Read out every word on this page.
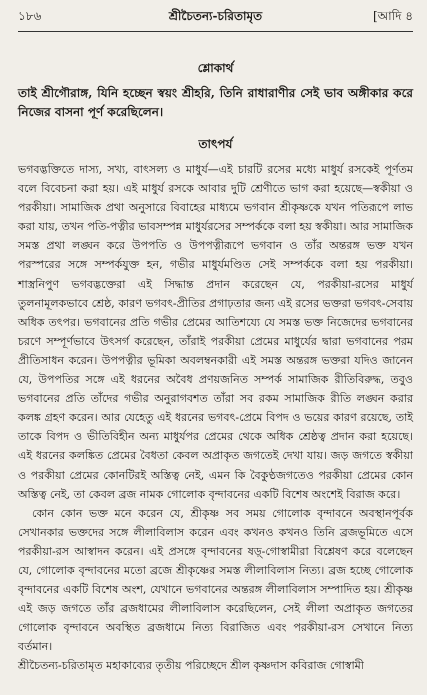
১৮৬	শ্রীচৈতন্য-চরিতামৃত	[আদি ৪
শ্লোকার্থ

তাই শ্রীগৌরাঙ্গ, যিনি হচ্ছেন স্বয়ং শ্রীহরি, তিনি রাধারাণীর সেই ভাব অঙ্গীকার করে নিজের বাসনা পূর্ণ করেছিলেন।

তাৎপর্য

ভগবদ্ভক্তিতে দাস্য, সখ্য, বাৎসল্য ও মাধুর্য—এই চারটি রসের মধ্যে মাধুর্য রসকেই পূর্ণতম বলে বিবেচনা করা হয়। এই মাধুর্য রসকে আবার দুটি শ্রেণীতে ভাগ করা হয়েছে—স্বকীয়া ও পরকীয়া। সামাজিক প্রথা অনুসারে বিবাহের মাধ্যমে ভগবান শ্রীকৃষ্ণকে যখন পতিরূপে লাভ করা যায়, তখন পতি-পত্নীর ভাবসম্পন্ন মাধুর্যরসের সম্পর্ককে বলা হয় স্বকীয়া। আর সামাজিক সমস্ত প্রথা লঙ্ঘন করে উপপতি ও উপপত্নীরূপে ভগবান ও তাঁর অন্তরঙ্গ ভক্ত যখন পরস্পরের সঙ্গে সম্পর্কযুক্ত হন, গভীর মাধুর্যমণ্ডিত সেই সম্পর্ককে বলা হয় পরকীয়া। শাস্ত্রনিপুণ ভগবদ্ভক্তেরা এই সিদ্ধান্ত প্রদান করেছেন যে, পরকীয়া-রসের মাধুর্য তুলনামূলকভাবে শ্রেষ্ঠ, কারণ ভগবৎ-প্রীতির প্রগাঢ়তার জন্য এই রসের ভক্তরা ভগবৎ-সেবায় অধিক তৎপর। ভগবানের প্রতি গভীর প্রেমের আতিশয্যে যে সমস্ত ভক্ত নিজেদের ভগবানের চরণে সম্পূর্ণভাবে উৎসর্গ করেছেন, তাঁরাই পরকীয়া প্রেমের মাধুর্যের দ্বারা ভগবানের পরম প্রীতিসাধন করেন। উপপত্নীর ভূমিকা অবলম্বনকারী এই সমস্ত অন্তরঙ্গ ভক্তরা যদিও জানেন যে, উপপতির সঙ্গে এই ধরনের অবৈধ প্রণয়জনিত সম্পর্ক সামাজিক রীতিবিরুদ্ধ, তবুও ভগবানের প্রতি তাঁদের গভীর অনুরাগবশত তাঁরা সব রকম সামাজিক রীতি লঙ্ঘন করার কলঙ্ক গ্রহণ করেন। আর যেহেতু এই ধরনের ভগবৎ-প্রেমে বিপদ ও ভয়ের কারণ রয়েছে, তাই তাকে বিপদ ও ভীতিবিহীন অন্য মাধুর্যপর প্রেমের থেকে অধিক শ্রেষ্ঠত্ব প্রদান করা হয়েছে। এই ধরনের কলঙ্কিত প্রেমের বৈধতা কেবল অপ্রাকৃত জগতেই দেখা যায়। জড় জগতে স্বকীয়া ও পরকীয়া প্রেমের কোনটিরই অস্তিত্ব নেই, এমন কি বৈকুণ্ঠজগতেও পরকীয়া প্রেমের কোন অস্তিত্ব নেই, তা কেবল ব্রজ নামক গোলোক বৃন্দাবনের একটি বিশেষ অংশেই বিরাজ করে।

কোন কোন ভক্ত মনে করেন যে, শ্রীকৃষ্ণ সব সময় গোলোক বৃন্দাবনে অবস্থানপূর্বক সেখানকার ভক্তদের সঙ্গে লীলাবিলাস করেন এবং কখনও কখনও তিনি ব্রজভূমিতে এসে পরকীয়া-রস আস্বাদন করেন। এই প্রসঙ্গে বৃন্দাবনের ষড়্-গোস্বামীরা বিশ্লেষণ করে বলেছেন যে, গোলোক বৃন্দাবনের মতো ব্রজে শ্রীকৃষ্ণের সমস্ত লীলাবিলাস নিত্য। ব্রজ হচ্ছে গোলোক বৃন্দাবনের একটি বিশেষ অংশ, যেখানে ভগবানের অন্তরঙ্গ লীলাবিলাস সম্পাদিত হয়। শ্রীকৃষ্ণ এই জড় জগতে তাঁর ব্রজধামের লীলাবিলাস করেছিলেন, সেই লীলা অপ্রাকৃত জগতের গোলোক বৃন্দাবনে অবস্থিত ব্রজধামে নিত্য বিরাজিত এবং পরকীয়া-রস সেখানে নিত্য বর্তমান।

শ্রীচৈতন্য-চরিতামৃত মহাকাব্যের তৃতীয় পরিচ্ছেদে শ্রীল কৃষ্ণদাস কবিরাজ গোস্বামী
